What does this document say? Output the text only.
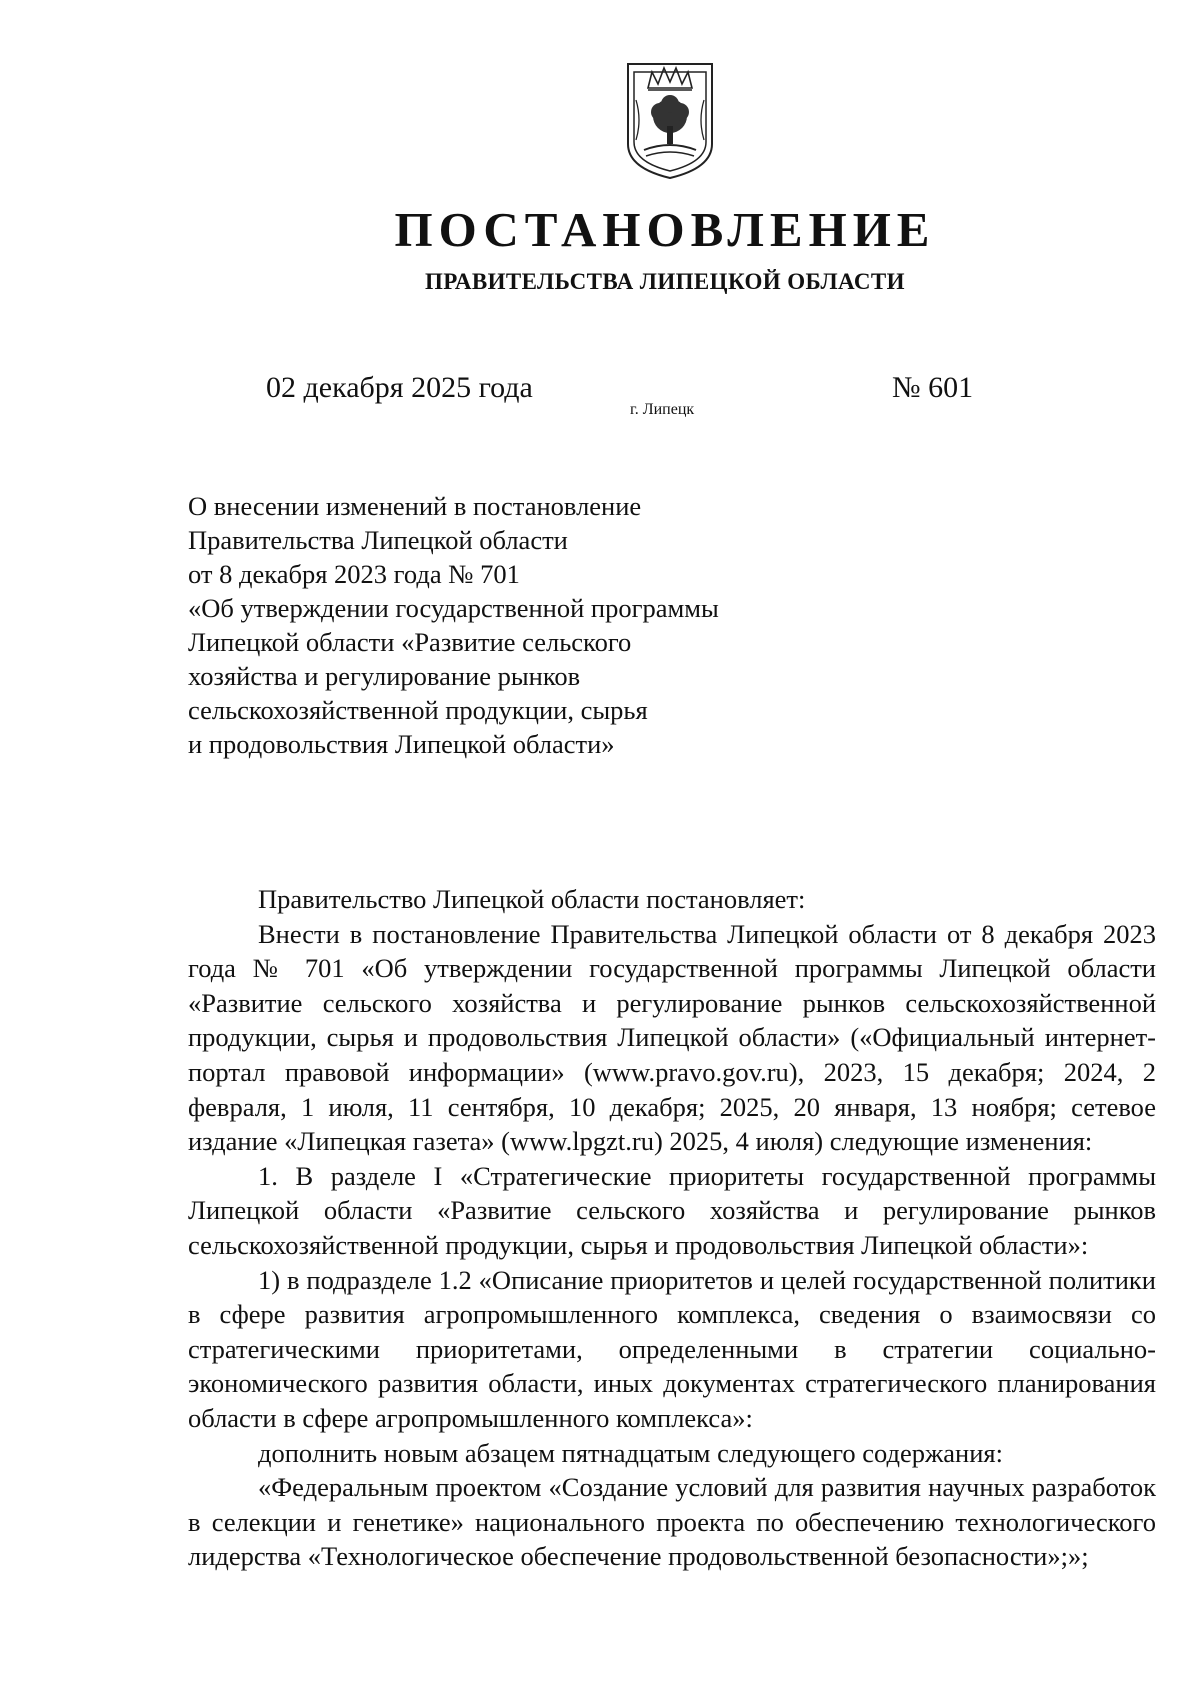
ПОСТАНОВЛЕНИЕ
ПРАВИТЕЛЬСТВА ЛИПЕЦКОЙ ОБЛАСТИ
02 декабря 2025 года
г. Липецк
№ 601
О внесении изменений в постановление
Правительства Липецкой области
от 8 декабря 2023 года № 701
«Об утверждении государственной программы
Липецкой области «Развитие сельского
хозяйства и регулирование рынков
сельскохозяйственной продукции, сырья
и продовольствия Липецкой области»
Правительство Липецкой области постановляет:
Внести в постановление Правительства Липецкой области от 8 декабря 2023 года № 701 «Об утверждении государственной программы Липецкой области «Развитие сельского хозяйства и регулирование рынков сельскохозяйственной продукции, сырья и продовольствия Липецкой области» («Официальный интернет-портал правовой информации» (www.pravo.gov.ru), 2023, 15 декабря; 2024, 2 февраля, 1 июля, 11 сентября, 10 декабря; 2025, 20 января, 13 ноября; сетевое издание «Липецкая газета» (www.lpgzt.ru) 2025, 4 июля) следующие изменения:
1. В разделе I «Стратегические приоритеты государственной программы Липецкой области «Развитие сельского хозяйства и регулирование рынков сельскохозяйственной продукции, сырья и продовольствия Липецкой области»:
1) в подразделе 1.2 «Описание приоритетов и целей государственной политики в сфере развития агропромышленного комплекса, сведения о взаимосвязи со стратегическими приоритетами, определенными в стратегии социально-экономического развития области, иных документах стратегического планирования области в сфере агропромышленного комплекса»:
дополнить новым абзацем пятнадцатым следующего содержания:
«Федеральным проектом «Создание условий для развития научных разработок в селекции и генетике» национального проекта по обеспечению технологического лидерства «Технологическое обеспечение продовольственной безопасности»;»;
